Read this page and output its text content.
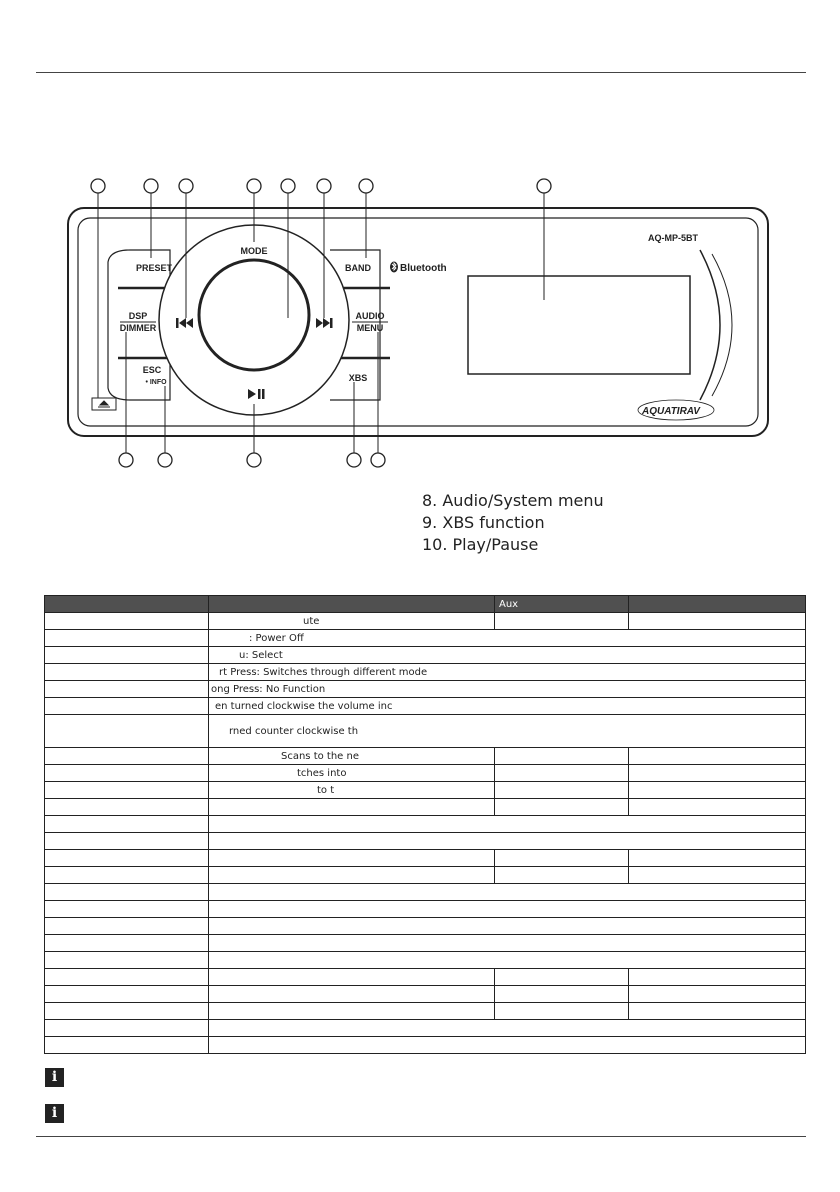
PRESET
DSP
DIMMER
ESC
• INFO
MODE
BAND
AUDIO
MENU
XBS
Bluetooth
AQ-MP-5BT
AQUATIRAV
8. Audio/System menu
9. XBS function
10. Play/Pause
		Aux	
	ute		
	: Power Off		
	u: Select		
	rt Press: Switches through different mode		
	ong Press: No Function		
	en turned clockwise the volume inc		
	rned counter clockwise th		
	Scans to the ne		
	tches into		
	to t		

i
i
